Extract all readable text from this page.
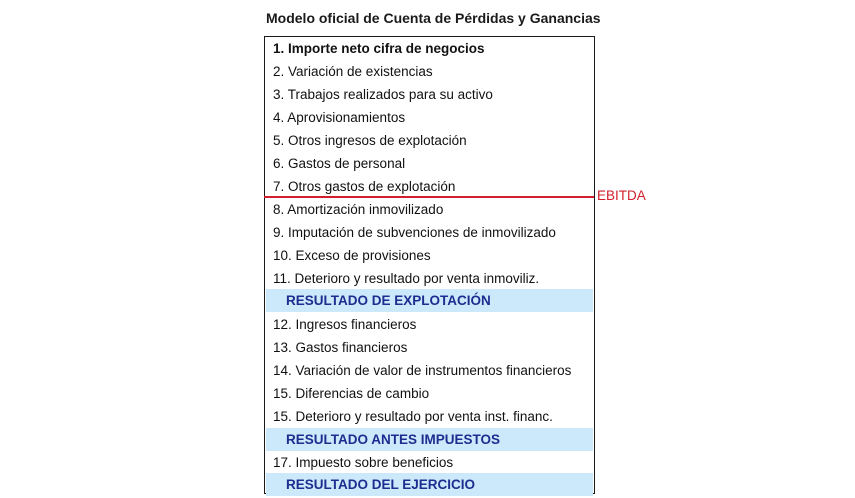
Modelo oficial de Cuenta de Pérdidas y Ganancias
1. Importe neto cifra de negocios
2. Variación de existencias
3. Trabajos realizados para su activo
4. Aprovisionamientos
5. Otros ingresos de explotación
6. Gastos de personal
7. Otros gastos de explotación
8. Amortización inmovilizado
9. Imputación de subvenciones de inmovilizado
10. Exceso de provisiones
11. Deterioro y resultado por venta inmoviliz.
RESULTADO DE EXPLOTACIÓN
12. Ingresos financieros
13. Gastos financieros
14. Variación de valor de instrumentos financieros
15. Diferencias de cambio
15. Deterioro y resultado por venta inst. financ.
RESULTADO ANTES IMPUESTOS
17. Impuesto sobre beneficios
RESULTADO DEL EJERCICIO
EBITDA
